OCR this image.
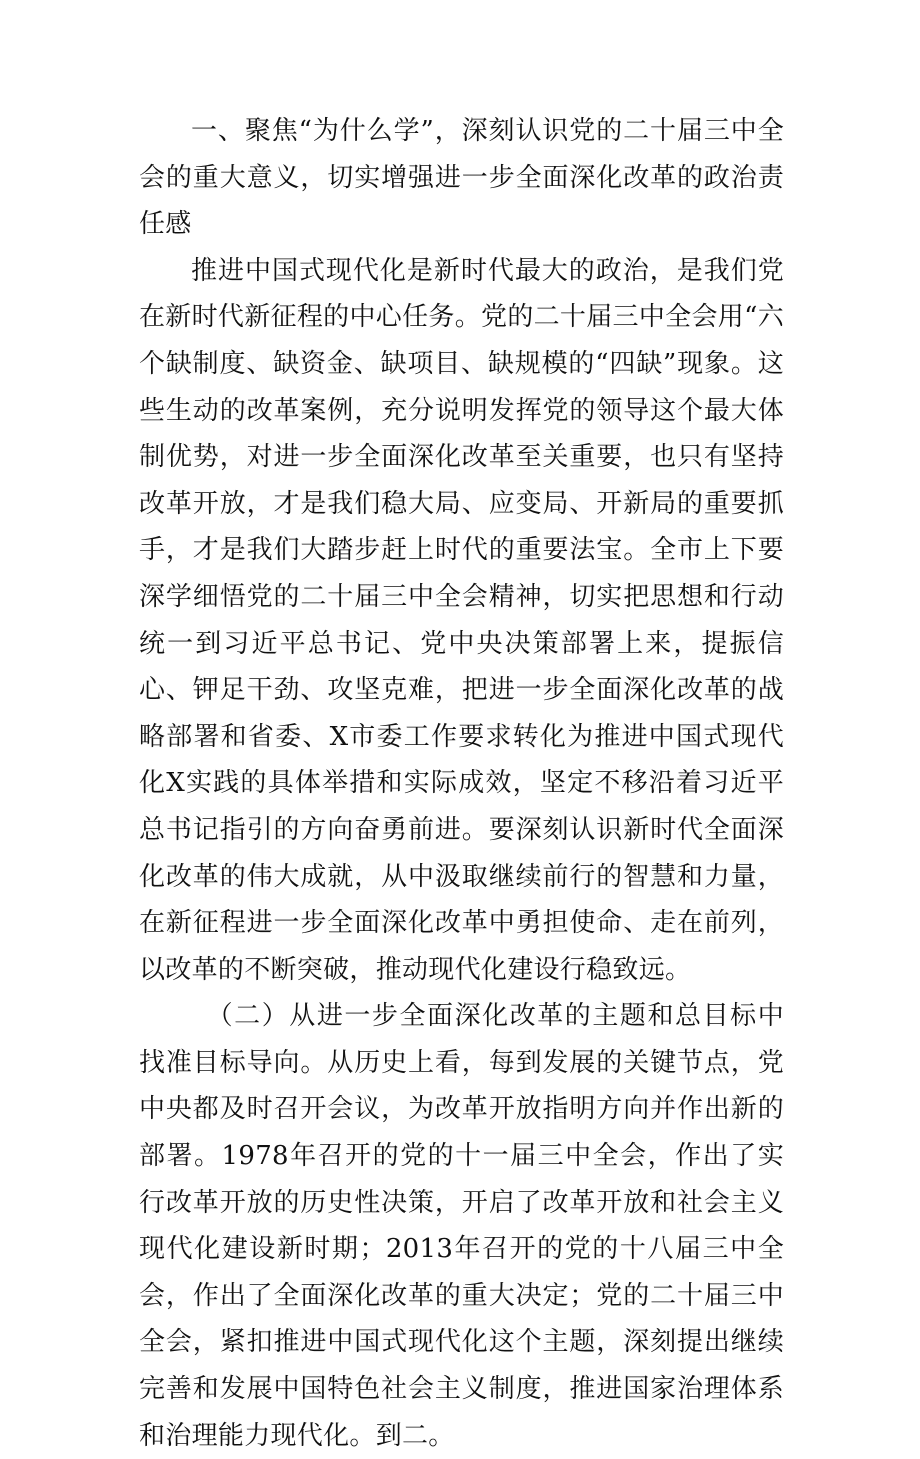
一、聚焦“为什么学”，深刻认识党的二十届三中全会的重大意义，切实增强进一步全面深化改革的政治责任感

推进中国式现代化是新时代最大的政治，是我们党在新时代新征程的中心任务。党的二十届三中全会用“六个缺制度、缺资金、缺项目、缺规模的“四缺”现象。这些生动的改革案例，充分说明发挥党的领导这个最大体制优势，对进一步全面深化改革至关重要，也只有坚持改革开放，才是我们稳大局、应变局、开新局的重要抓手，才是我们大踏步赶上时代的重要法宝。全市上下要深学细悟党的二十届三中全会精神，切实把思想和行动统一到习近平总书记、党中央决策部署上来，提振信心、钾足干劲、攻坚克难，把进一步全面深化改革的战略部署和省委、X市委工作要求转化为推进中国式现代化X实践的具体举措和实际成效，坚定不移沿着习近平总书记指引的方向奋勇前进。要深刻认识新时代全面深化改革的伟大成就，从中汲取继续前行的智慧和力量，在新征程进一步全面深化改革中勇担使命、走在前列，以改革的不断突破，推动现代化建设行稳致远。

（二）从进一步全面深化改革的主题和总目标中找准目标导向。从历史上看，每到发展的关键节点，党中央都及时召开会议，为改革开放指明方向并作出新的部署。1978年召开的党的十一届三中全会，作出了实行改革开放的历史性决策，开启了改革开放和社会主义现代化建设新时期；2013年召开的党的十八届三中全会，作出了全面深化改革的重大决定；党的二十届三中全会，紧扣推进中国式现代化这个主题，深刻提出继续完善和发展中国特色社会主义制度，推进国家治理体系和治理能力现代化。到二。
